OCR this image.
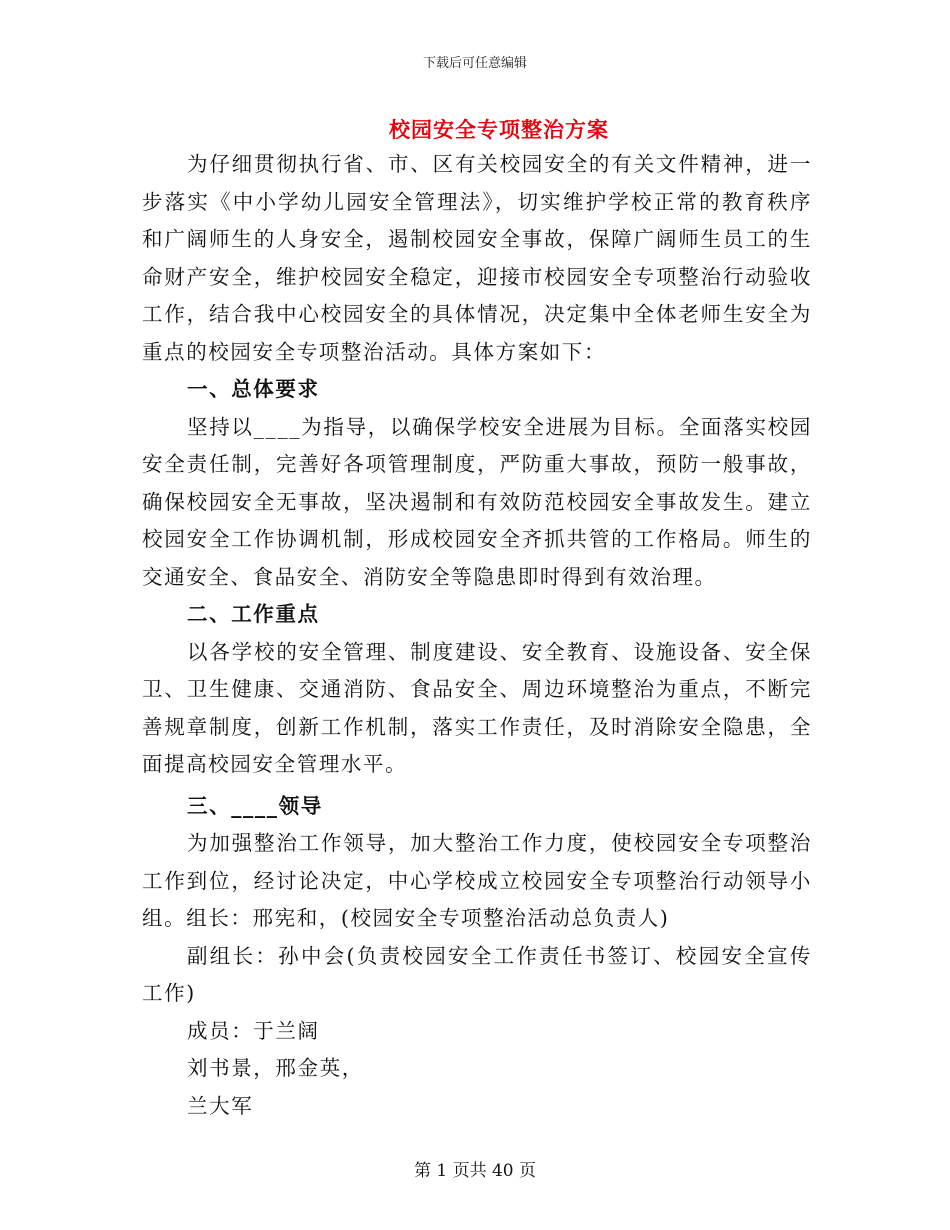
下载后可任意编辑
校园安全专项整治方案

为仔细贯彻执行省、市、区有关校园安全的有关文件精神，进一步落实《中小学幼儿园安全管理法》，切实维护学校正常的教育秩序和广阔师生的人身安全，遏制校园安全事故，保障广阔师生员工的生命财产安全，维护校园安全稳定，迎接市校园安全专项整治行动验收工作，结合我中心校园安全的具体情况，决定集中全体老师生安全为重点的校园安全专项整治活动。具体方案如下：

一、总体要求

坚持以____为指导，以确保学校安全进展为目标。全面落实校园安全责任制，完善好各项管理制度，严防重大事故，预防一般事故，确保校园安全无事故，坚决遏制和有效防范校园安全事故发生。建立校园安全工作协调机制，形成校园安全齐抓共管的工作格局。师生的交通安全、食品安全、消防安全等隐患即时得到有效治理。

二、工作重点

以各学校的安全管理、制度建设、安全教育、设施设备、安全保卫、卫生健康、交通消防、食品安全、周边环境整治为重点，不断完善规章制度，创新工作机制，落实工作责任，及时消除安全隐患，全面提高校园安全管理水平。

三、____领导

为加强整治工作领导，加大整治工作力度，使校园安全专项整治工作到位，经讨论决定，中心学校成立校园安全专项整治行动领导小组。组长：邢宪和，(校园安全专项整治活动总负责人)

副组长：孙中会(负责校园安全工作责任书签订、校园安全宣传工作)

成员：于兰阔

刘书景，邢金英，

兰大军

第 1 页共 40 页
